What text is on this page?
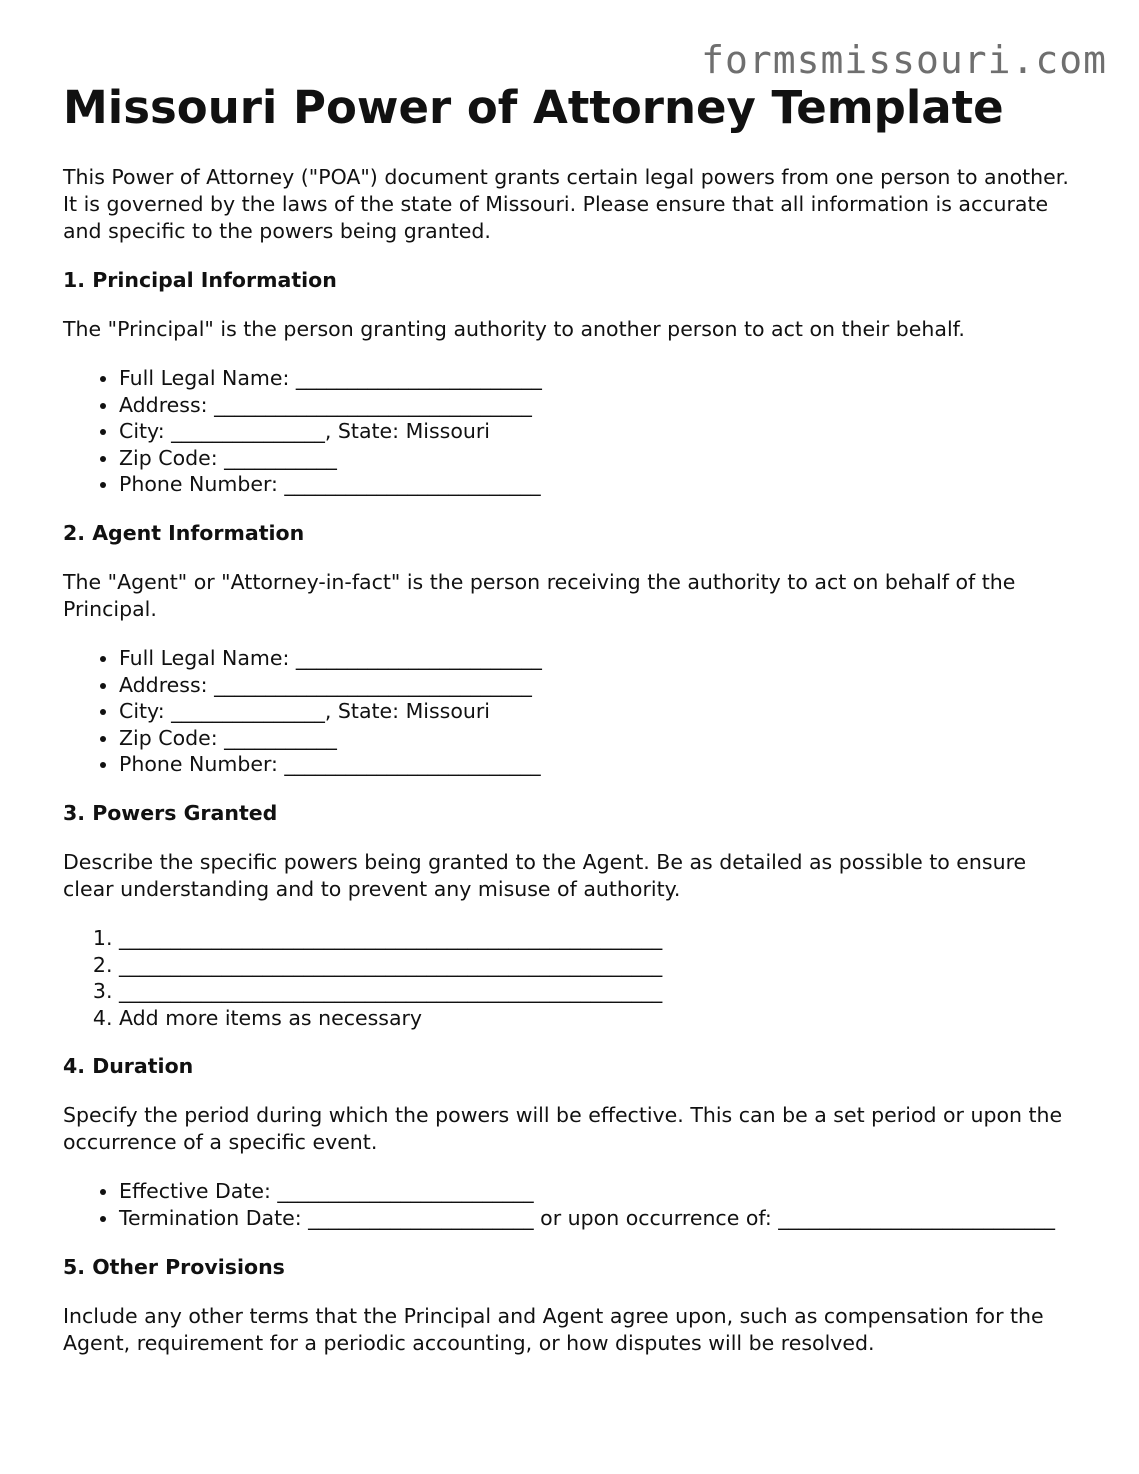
formsmissouri.com
Missouri Power of Attorney Template

This Power of Attorney ("POA") document grants certain legal powers from one person to another. It is governed by the laws of the state of Missouri. Please ensure that all information is accurate and specific to the powers being granted.

1. Principal Information

The "Principal" is the person granting authority to another person to act on their behalf.

• Full Legal Name: ________________________
• Address: _______________________________
• City: _______________, State: Missouri
• Zip Code: ___________
• Phone Number: _________________________
2. Agent Information

The "Agent" or "Attorney-in-fact" is the person receiving the authority to act on behalf of the Principal.

• Full Legal Name: ________________________
• Address: _______________________________
• City: _______________, State: Missouri
• Zip Code: ___________
• Phone Number: _________________________
3. Powers Granted

Describe the specific powers being granted to the Agent. Be as detailed as possible to ensure clear understanding and to prevent any misuse of authority.

1. _____________________________________________________
2. _____________________________________________________
3. _____________________________________________________
4. Add more items as necessary
4. Duration

Specify the period during which the powers will be effective. This can be a set period or upon the occurrence of a specific event.

• Effective Date: _________________________
• Termination Date: ______________________ or upon occurrence of: ___________________________
5. Other Provisions

Include any other terms that the Principal and Agent agree upon, such as compensation for the Agent, requirement for a periodic accounting, or how disputes will be resolved.
